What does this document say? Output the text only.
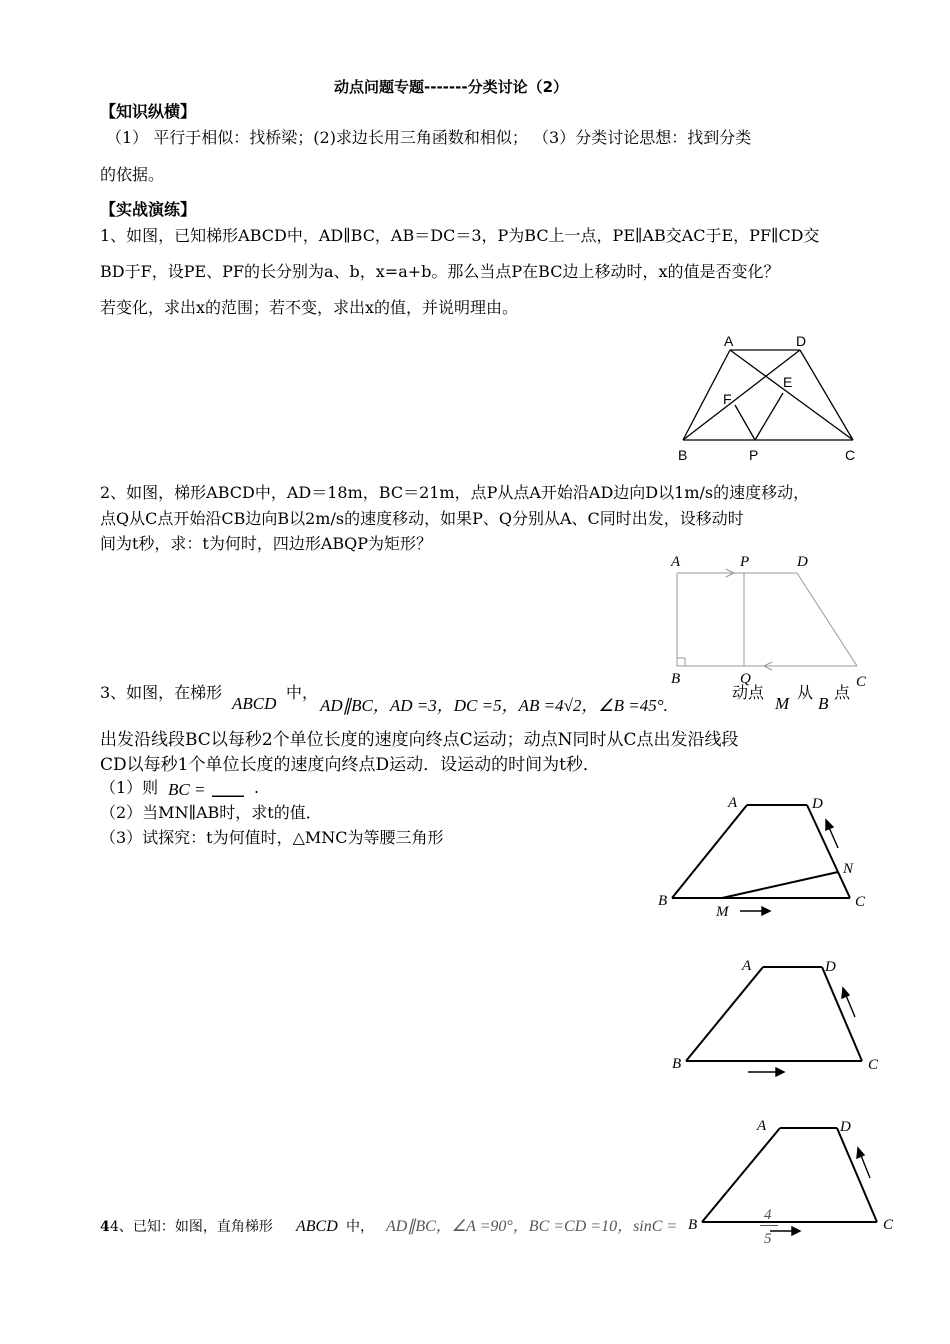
动点问题专题-------分类讨论（2）
【知识纵横】
（1） 平行于相似：找桥梁；(2)求边长用三角函数和相似； （3）分类讨论思想：找到分类
的依据。
【实战演练】
1、如图，已知梯形ABCD中，AD∥BC，AB＝DC＝3，P为BC上一点，PE∥AB交AC于E，PF∥CD交
BD于F，设PE、PF的长分别为a、b，x=a+b。那么当点P在BC边上移动时，x的值是否变化？
若变化，求出x的范围；若不变，求出x的值，并说明理由。
A	D
F
E
B	P	C
2、如图，梯形ABCD中，AD＝18m，BC＝21m，点P从点A开始沿AD边向D以1m/s的速度移动，
点Q从C点开始沿CB边向B以2m/s的速度移动，如果P、Q分别从A、C同时出发，设移动时
间为t秒，求：t为何时，四边形ABQP为矩形？
A	P	D
B	Q	C
3、如图，在梯形
ABCD
中，
AD∥BC，AD =3，DC =5，AB =4√2，∠B =45°.
动点
M
从
B
点
出发沿线段BC以每秒2个单位长度的速度向终点C运动；动点N同时从C点出发沿线段
CD以每秒1个单位长度的速度向终点D运动．设运动的时间为t秒．
（1）则 BC = ____ .
（2）当MN∥AB时，求t的值．
（3）试探究：t为何值时，△MNC为等腰三角形
A	D
N
B
M
C
A	D
B	C
A	D
B	C
4 4、已知：如图，直角梯形 ABCD 中， AD∥BC，∠A =90°，BC =CD =10，sinC =
4
5
